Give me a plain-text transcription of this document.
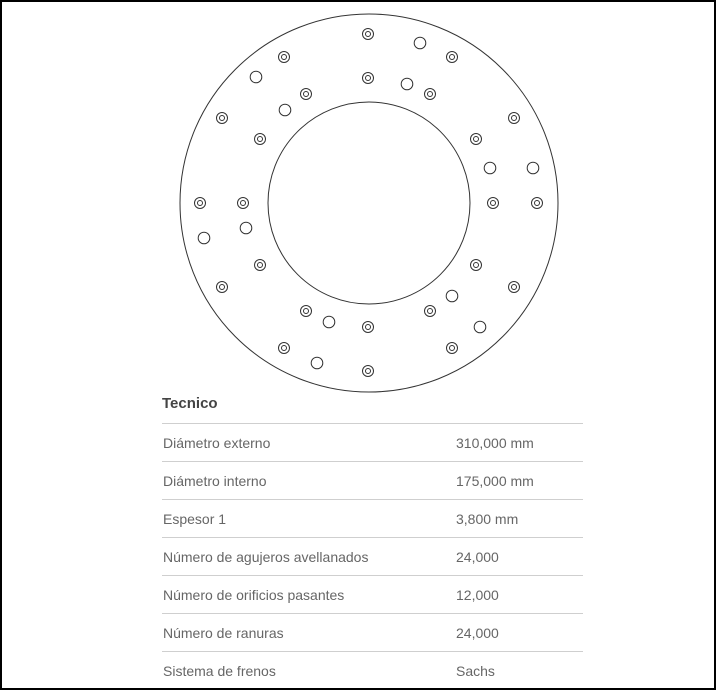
Tecnico
Diámetro externo	310,000 mm
Diámetro interno	175,000 mm
Espesor 1	3,800 mm
Número de agujeros avellanados	24,000
Número de orificios pasantes	12,000
Número de ranuras	24,000
Sistema de frenos	Sachs
